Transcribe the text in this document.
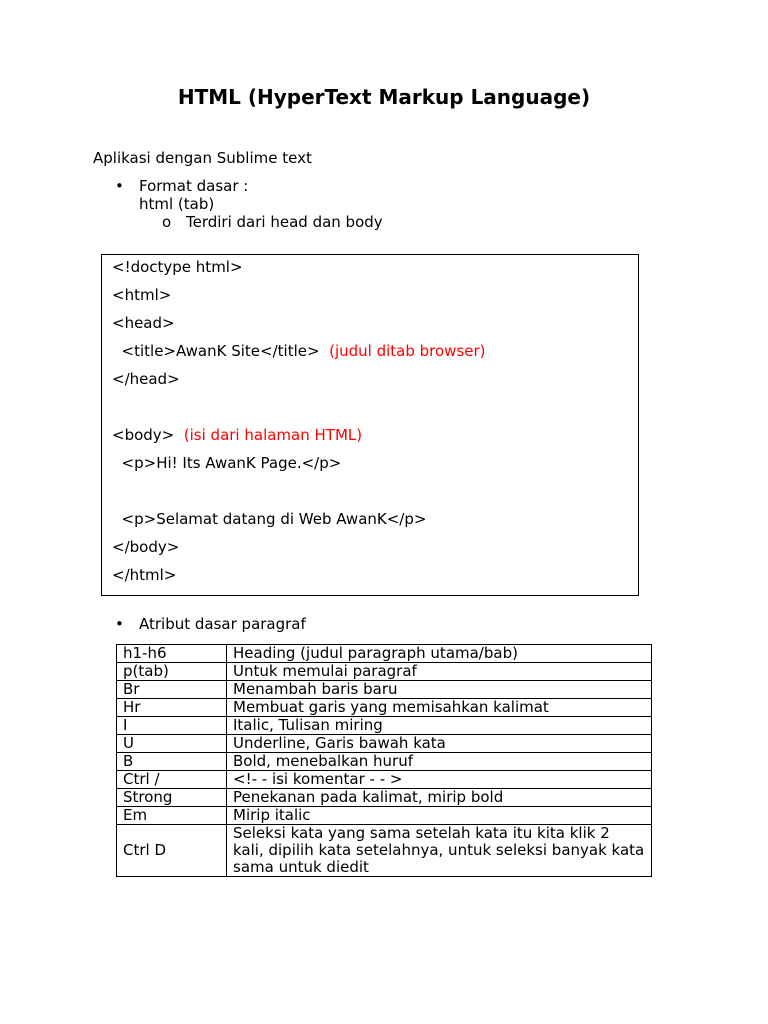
HTML (HyperText Markup Language)
Aplikasi dengan Sublime text
• Format dasar :
html (tab)
o Terdiri dari head dan body
<!doctype html>
<html>
<head>
<title>AwanK Site</title> (judul ditab browser)
</head>
<body> (isi dari halaman HTML)
<p>Hi! Its AwanK Page.</p>
<p>Selamat datang di Web AwanK</p>
</body>
</html>
• Atribut dasar paragraf
h1-h6	Heading (judul paragraph utama/bab)
p(tab)	Untuk memulai paragraf
Br	Menambah baris baru
Hr	Membuat garis yang memisahkan kalimat
I	Italic, Tulisan miring
U	Underline, Garis bawah kata
B	Bold, menebalkan huruf
Ctrl /	<!- - isi komentar - - >
Strong	Penekanan pada kalimat, mirip bold
Em	Mirip italic
Ctrl D	Seleksi kata yang sama setelah kata itu kita klik 2 kali, dipilih kata setelahnya, untuk seleksi banyak kata sama untuk diedit
